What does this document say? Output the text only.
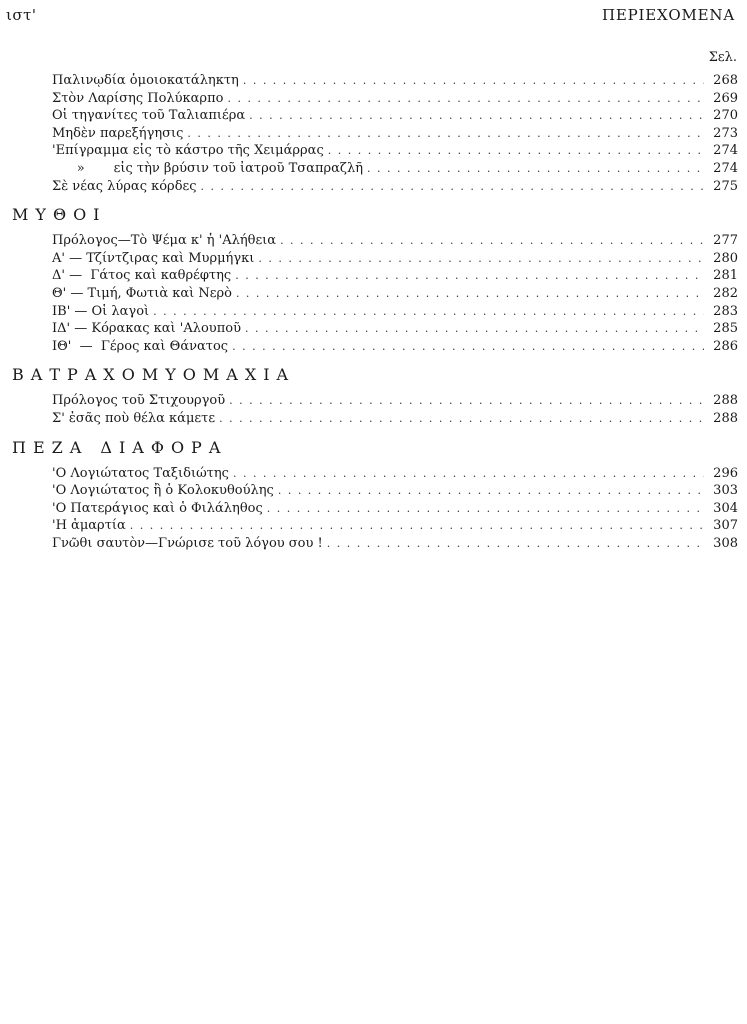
ιστ'	ΠΕΡΙΕΧΟΜΕΝΑ
Σελ.
Παλινῳδία ὁμοιοκατάληκτη . . .	268
Στὸν Λαρίσης Πολύκαρπο . . .	269
Οἱ τηγανίτες τοῦ Ταλιαπιέρα . . .	270
Μηδὲν παρεξήγησις . . .	273
'Επίγραμμα εἰς τὸ κάστρο τῆς Χειμάρρας . . .	274
»       εἰς τὴν βρύσιν τοῦ ἰατροῦ Τσαπραζλῆ . . .	274
Σὲ νέας λύρας κόρδες . . .	275
ΜΥΘΟΙ
Πρόλογος—Τὸ Ψέμα κ' ἡ 'Αλήθεια . . .	277
Α' — Τζίντζιρας καὶ Μυρμήγκι . . .	280
Δ' —  Γάτος καὶ καθρέφτης . . .	281
Θ' — Τιμή, Φωτιὰ καὶ Νερὸ . . .	282
ΙΒ' — Οἱ λαγοὶ . . .	283
ΙΔ' — Κόρακας καὶ 'Αλουποῦ . . .	285
ΙΘ'  —  Γέρος καὶ Θάνατος . . .	286
ΒΑΤΡΑΧΟΜΥΟΜΑΧΙΑ
Πρόλογος τοῦ Στιχουργοῦ . . .	288
Σ' ἐσᾶς ποὺ θέλα κάμετε . . .	288
ΠΕΖΑ ΔΙΑΦΟΡΑ
'Ο Λογιώτατος Ταξιδιώτης . . .	296
'Ο Λογιώτατος ἢ ὁ Κολοκυθούλης . . .	303
'Ο Πατεράγιος καὶ ὁ Φιλάληθος . . .	304
'Η ἁμαρτία . . .	307
Γνῶθι σαυτὸν—Γνώρισε τοῦ λόγου σου ! . . .	308
